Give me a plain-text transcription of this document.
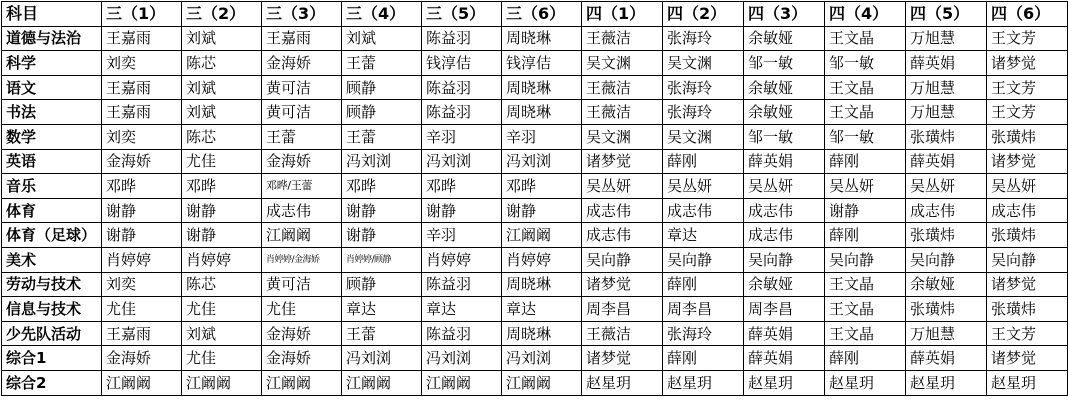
科目	三（1）	三（2）	三（3）	三（4）	三（5）	三（6）	四（1）	四（2）	四（3）	四（4）	四（5）	四（6）
道德与法治	王嘉雨	刘斌	王嘉雨	刘斌	陈益羽	周晓琳	王薇洁	张海玲	余敏娅	王文晶	万旭慧	王文芳
科学	刘奕	陈芯	金海娇	王蕾	钱淳佶	钱淳佶	吴文渊	吴文渊	邹一敏	邹一敏	薛英娟	诸梦觉
语文	王嘉雨	刘斌	黄可洁	顾静	陈益羽	周晓琳	王薇洁	张海玲	余敏娅	王文晶	万旭慧	王文芳
书法	王嘉雨	刘斌	黄可洁	顾静	陈益羽	周晓琳	王薇洁	张海玲	余敏娅	王文晶	万旭慧	王文芳
数学	刘奕	陈芯	王蕾	王蕾	辛羽	辛羽	吴文渊	吴文渊	邹一敏	邹一敏	张璜炜	张璜炜
英语	金海娇	尤佳	金海娇	冯刘浏	冯刘浏	冯刘浏	诸梦觉	薛刚	薛英娟	薛刚	薛英娟	诸梦觉
音乐	邓晔	邓晔	邓晔/王蕾	邓晔	邓晔	邓晔	吴丛妍	吴丛妍	吴丛妍	吴丛妍	吴丛妍	吴丛妍
体育	谢静	谢静	成志伟	谢静	谢静	谢静	成志伟	成志伟	成志伟	谢静	成志伟	成志伟
体育（足球）	谢静	谢静	江阚阚	谢静	辛羽	江阚阚	成志伟	章达	成志伟	薛刚	张璜炜	张璜炜
美术	肖婷婷	肖婷婷	肖婷婷/金海娇	肖婷婷/顾静	肖婷婷	肖婷婷	吴向静	吴向静	吴向静	吴向静	吴向静	吴向静
劳动与技术	刘奕	陈芯	黄可洁	顾静	陈益羽	周晓琳	诸梦觉	薛刚	余敏娅	王文晶	余敏娅	诸梦觉
信息与技术	尤佳	尤佳	尤佳	章达	章达	章达	周李昌	周李昌	周李昌	王文晶	张璜炜	张璜炜
少先队活动	王嘉雨	刘斌	金海娇	王蕾	陈益羽	周晓琳	王薇洁	张海玲	薛英娟	王文晶	万旭慧	王文芳
综合1	金海娇	尤佳	金海娇	冯刘浏	冯刘浏	冯刘浏	诸梦觉	薛刚	薛英娟	薛刚	薛英娟	诸梦觉
综合2	江阚阚	江阚阚	江阚阚	江阚阚	江阚阚	江阚阚	赵星玥	赵星玥	赵星玥	赵星玥	赵星玥	赵星玥
